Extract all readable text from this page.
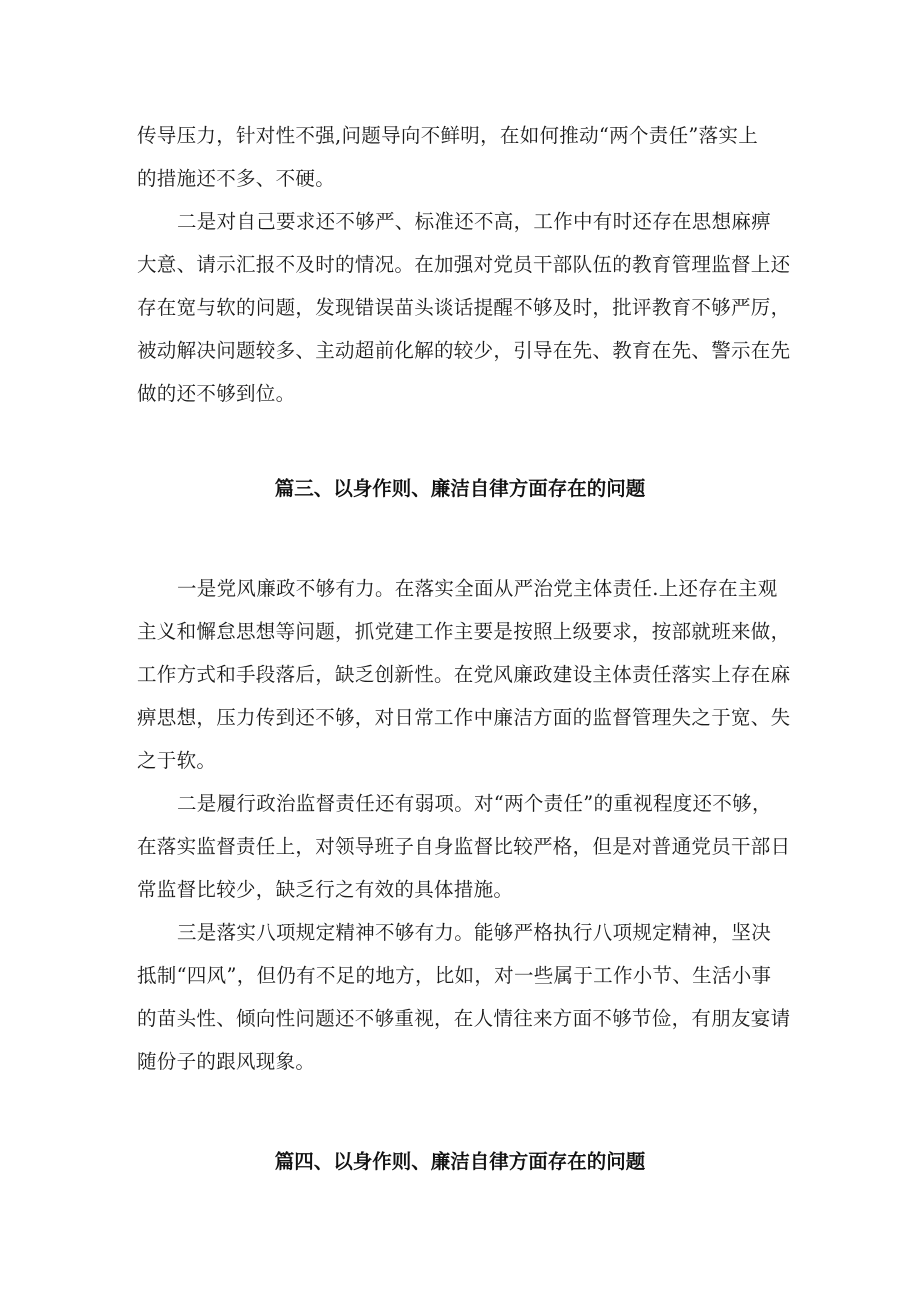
传导压力，针对性不强,问题导向不鲜明，在如何推动“两个责任”落实上
的措施还不多、不硬。
二是对自己要求还不够严、标准还不高，工作中有时还存在思想麻痹
大意、请示汇报不及时的情况。在加强对党员干部队伍的教育管理监督上还
存在宽与软的问题，发现错误苗头谈话提醒不够及时，批评教育不够严厉，
被动解决问题较多、主动超前化解的较少，引导在先、教育在先、警示在先
做的还不够到位。
篇三、以身作则、廉洁自律方面存在的问题
一是党风廉政不够有力。在落实全面从严治党主体责任.上还存在主观
主义和懈怠思想等问题，抓党建工作主要是按照上级要求，按部就班来做，
工作方式和手段落后，缺乏创新性。在党风廉政建设主体责任落实上存在麻
痹思想，压力传到还不够，对日常工作中廉洁方面的监督管理失之于宽、失
之于软。
二是履行政治监督责任还有弱项。对“两个责任”的重视程度还不够，
在落实监督责任上，对领导班子自身监督比较严格，但是对普通党员干部日
常监督比较少，缺乏行之有效的具体措施。
三是落实八项规定精神不够有力。能够严格执行八项规定精神，坚决
抵制“四风”，但仍有不足的地方，比如，对一些属于工作小节、生活小事
的苗头性、倾向性问题还不够重视，在人情往来方面不够节俭，有朋友宴请
随份子的跟风现象。
篇四、以身作则、廉洁自律方面存在的问题
